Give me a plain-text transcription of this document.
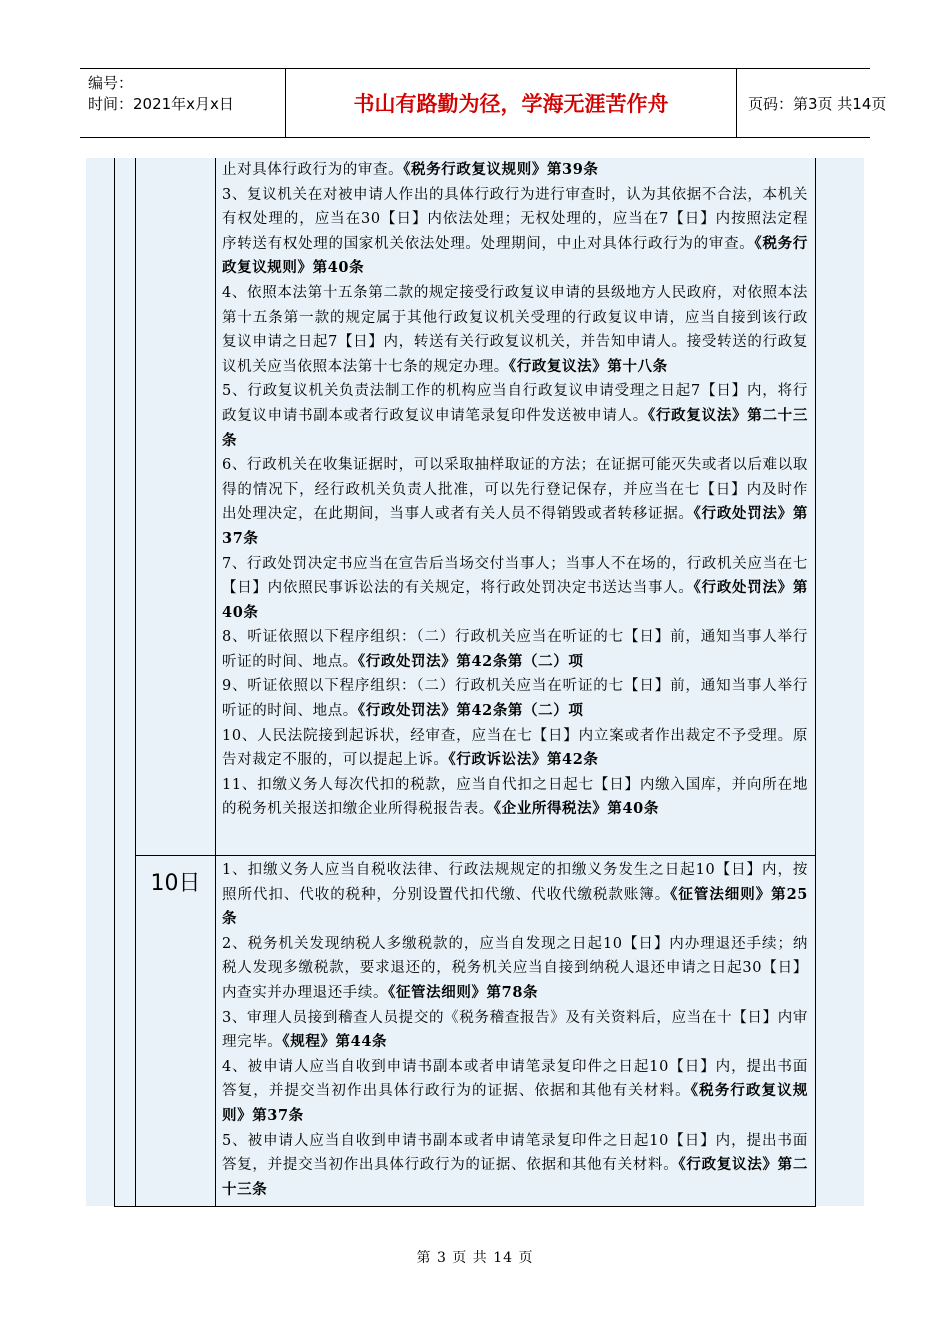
编号：
时间：2021年x月x日	书山有路勤为径，学海无涯苦作舟	页码：第3页 共14页
10日

止对具体行政行为的审查。《税务行政复议规则》第39条

3、复议机关在对被申请人作出的具体行政行为进行审查时，认为其依据不合法，本机关有权处理的，应当在30【日】内依法处理；无权处理的，应当在7【日】内按照法定程序转送有权处理的国家机关依法处理。处理期间，中止对具体行政行为的审查。《税务行政复议规则》第40条

4、依照本法第十五条第二款的规定接受行政复议申请的县级地方人民政府，对依照本法第十五条第一款的规定属于其他行政复议机关受理的行政复议申请，应当自接到该行政复议申请之日起7【日】内，转送有关行政复议机关，并告知申请人。接受转送的行政复议机关应当依照本法第十七条的规定办理。《行政复议法》第十八条

5、行政复议机关负责法制工作的机构应当自行政复议申请受理之日起7【日】内，将行政复议申请书副本或者行政复议申请笔录复印件发送被申请人。《行政复议法》第二十三条

6、行政机关在收集证据时，可以采取抽样取证的方法；在证据可能灭失或者以后难以取得的情况下，经行政机关负责人批准，可以先行登记保存，并应当在七【日】内及时作出处理决定，在此期间，当事人或者有关人员不得销毁或者转移证据。《行政处罚法》第37条

7、行政处罚决定书应当在宣告后当场交付当事人；当事人不在场的，行政机关应当在七【日】内依照民事诉讼法的有关规定，将行政处罚决定书送达当事人。《行政处罚法》第40条

8、听证依照以下程序组织：（二）行政机关应当在听证的七【日】前，通知当事人举行听证的时间、地点。《行政处罚法》第42条第（二）项

9、听证依照以下程序组织：（二）行政机关应当在听证的七【日】前，通知当事人举行听证的时间、地点。《行政处罚法》第42条第（二）项

10、人民法院接到起诉状，经审查，应当在七【日】内立案或者作出裁定不予受理。原告对裁定不服的，可以提起上诉。《行政诉讼法》第42条

11、扣缴义务人每次代扣的税款，应当自代扣之日起七【日】内缴入国库，并向所在地的税务机关报送扣缴企业所得税报告表。《企业所得税法》第40条

1、扣缴义务人应当自税收法律、行政法规规定的扣缴义务发生之日起10【日】内，按照所代扣、代收的税种，分别设置代扣代缴、代收代缴税款账簿。《征管法细则》第25条

2、税务机关发现纳税人多缴税款的，应当自发现之日起10【日】内办理退还手续；纳税人发现多缴税款，要求退还的，税务机关应当自接到纳税人退还申请之日起30【日】内查实并办理退还手续。《征管法细则》第78条

3、审理人员接到稽查人员提交的《税务稽查报告》及有关资料后，应当在十【日】内审理完毕。《规程》第44条

4、被申请人应当自收到申请书副本或者申请笔录复印件之日起10【日】内，提出书面答复，并提交当初作出具体行政行为的证据、依据和其他有关材料。《税务行政复议规则》第37条

5、被申请人应当自收到申请书副本或者申请笔录复印件之日起10【日】内，提出书面答复，并提交当初作出具体行政行为的证据、依据和其他有关材料。《行政复议法》第二十三条

第 3 页 共 14 页
